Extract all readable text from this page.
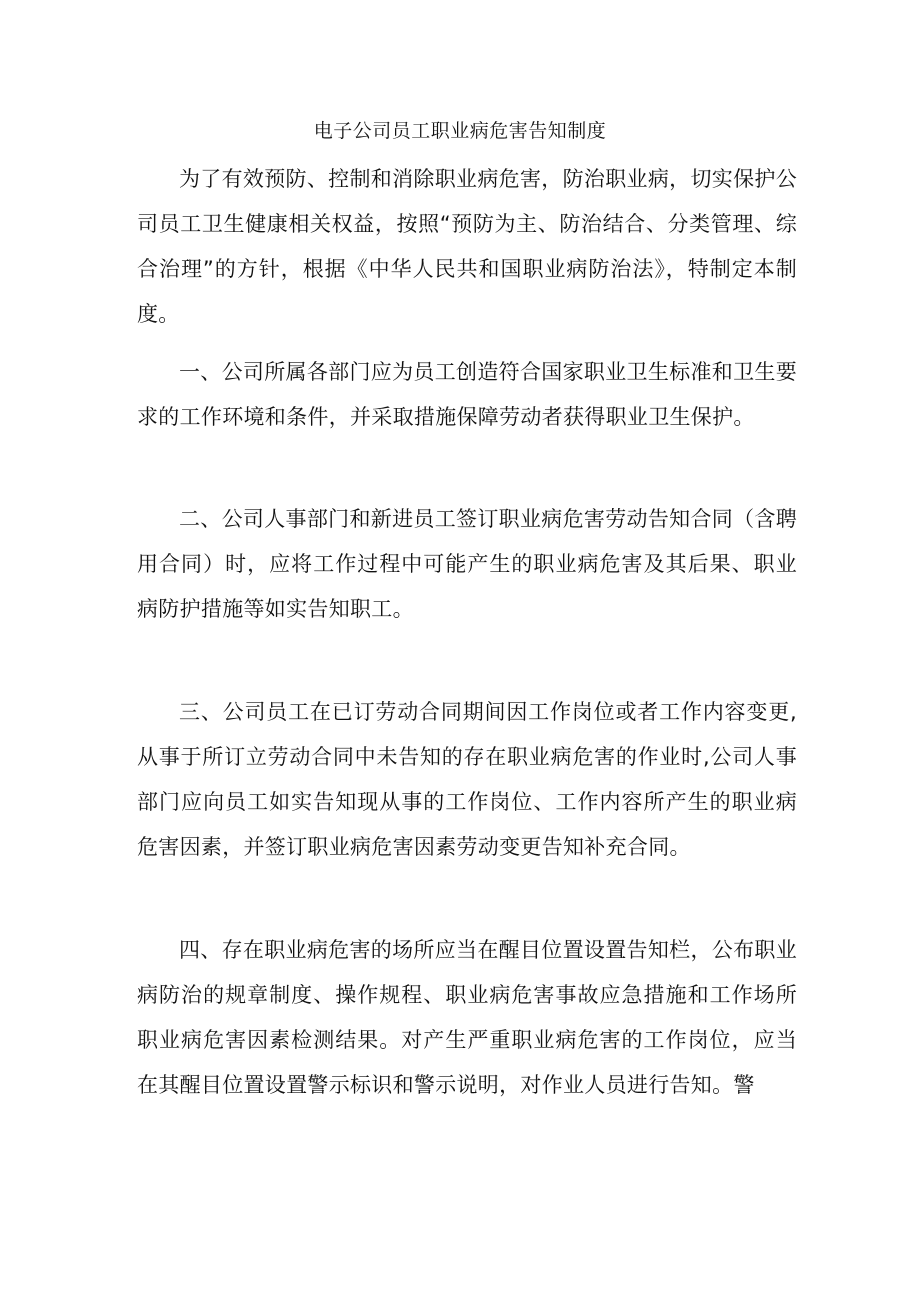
电子公司员工职业病危害告知制度

为了有效预防、控制和消除职业病危害，防治职业病，切实保护公司员工卫生健康相关权益，按照“预防为主、防治结合、分类管理、综合治理”的方针，根据《中华人民共和国职业病防治法》，特制定本制度。

一、公司所属各部门应为员工创造符合国家职业卫生标准和卫生要求的工作环境和条件，并采取措施保障劳动者获得职业卫生保护。

二、公司人事部门和新进员工签订职业病危害劳动告知合同（含聘用合同）时，应将工作过程中可能产生的职业病危害及其后果、职业病防护措施等如实告知职工。

三、公司员工在已订劳动合同期间因工作岗位或者工作内容变更,从事于所订立劳动合同中未告知的存在职业病危害的作业时,公司人事部门应向员工如实告知现从事的工作岗位、工作内容所产生的职业病危害因素，并签订职业病危害因素劳动变更告知补充合同。

四、存在职业病危害的场所应当在醒目位置设置告知栏，公布职业病防治的规章制度、操作规程、职业病危害事故应急措施和工作场所职业病危害因素检测结果。对产生严重职业病危害的工作岗位，应当在其醒目位置设置警示标识和警示说明，对作业人员进行告知。警
